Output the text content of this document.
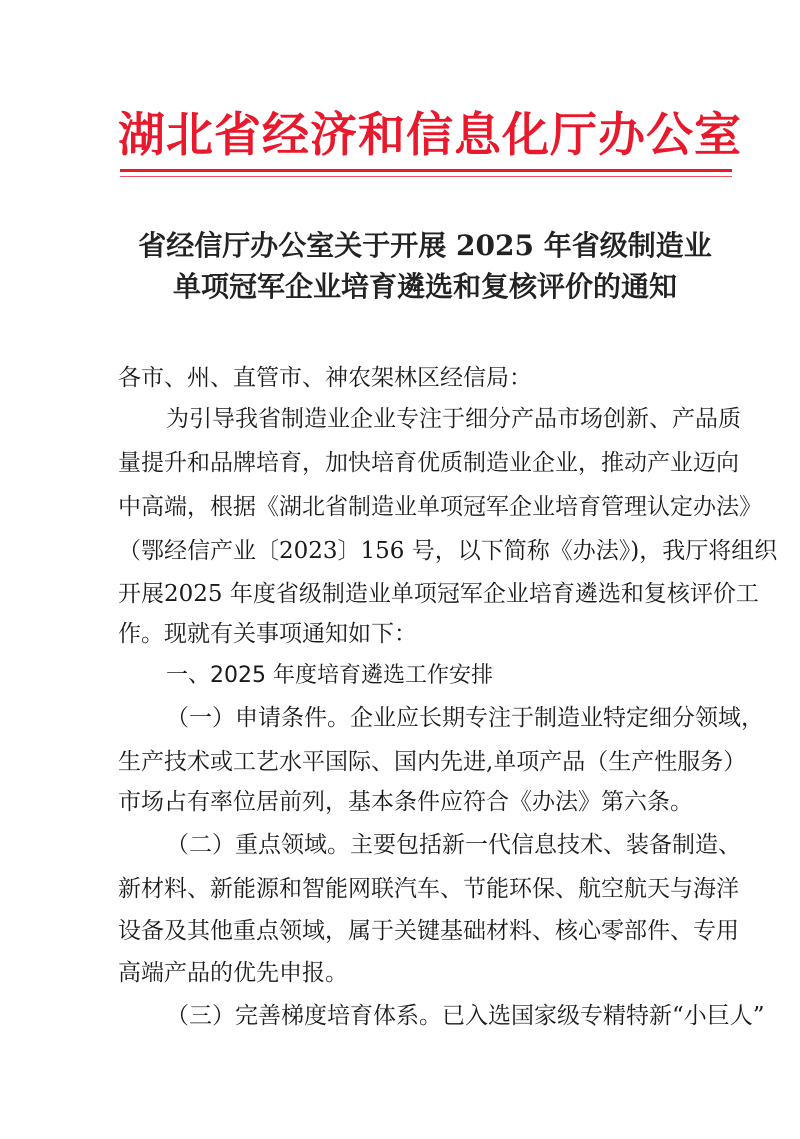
湖北省经济和信息化厅办公室
省经信厅办公室关于开展 2025 年省级制造业
单项冠军企业培育遴选和复核评价的通知
各市、州、直管市、神农架林区经信局：
为引导我省制造业企业专注于细分产品市场创新、产品质
量提升和品牌培育，加快培育优质制造业企业，推动产业迈向
中高端，根据《湖北省制造业单项冠军企业培育管理认定办法》
（鄂经信产业〔2023〕156 号，以下简称《办法》)，我厅将组织
开展2025 年度省级制造业单项冠军企业培育遴选和复核评价工
作。现就有关事项通知如下：
一、2025 年度培育遴选工作安排
（一）申请条件。企业应长期专注于制造业特定细分领域，
生产技术或工艺水平国际、国内先进,单项产品（生产性服务）
市场占有率位居前列，基本条件应符合《办法》第六条。
（二）重点领域。主要包括新一代信息技术、装备制造、
新材料、新能源和智能网联汽车、节能环保、航空航天与海洋
设备及其他重点领域，属于关键基础材料、核心零部件、专用
高端产品的优先申报。
（三）完善梯度培育体系。已入选国家级专精特新“小巨人”
